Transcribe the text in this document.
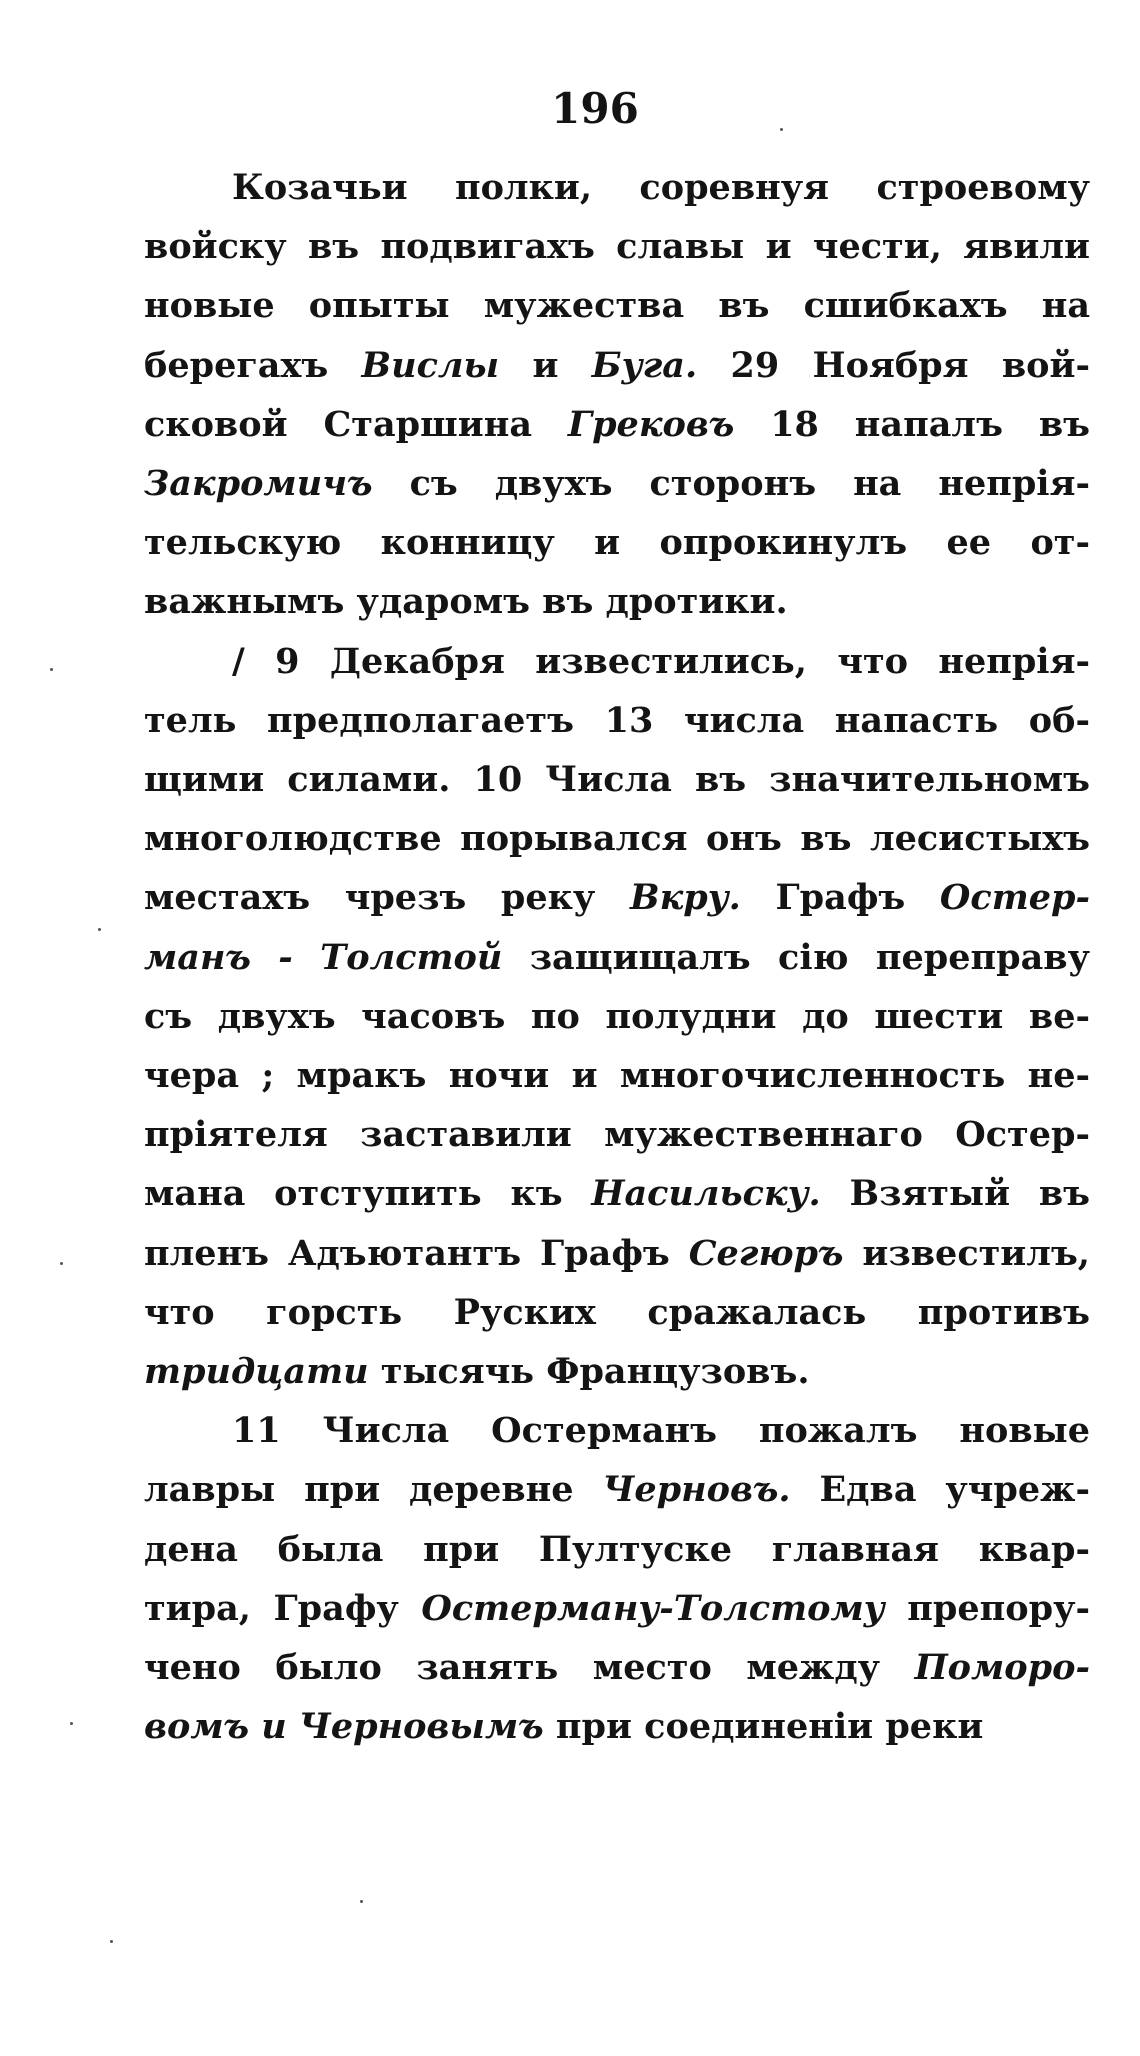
196
Козачьи полки, соревнуя строевому
войску въ подвигахъ славы и чести, явили
новые опыты мужества въ сшибкахъ на
берегахъ Вислы и Буга. 29 Ноября вой-
сковой Старшина Грековъ 18 напалъ въ
Закромичъ съ двухъ сторонъ на непрія-
тельскую конницу и опрокинулъ ее от-
важнымъ ударомъ въ дротики.
/ 9 Декабря известились, что непрія-
тель предполагаетъ 13 числа напасть об-
щими силами. 10 Числа въ значительномъ
многолюдстве порывался онъ въ лесистыхъ
местахъ чрезъ реку Вкру. Графъ Остер-
манъ - Толстой защищалъ сію переправу
съ двухъ часовъ по полудни до шести ве-
чера ; мракъ ночи и многочисленность не-
пріятеля заставили мужественнаго Остер-
мана отступить къ Насильску. Взятый въ
пленъ Адъютантъ Графъ Сегюръ известилъ,
что горсть Руских сражалась противъ
тридцати тысячь Французовъ.
11 Числа Остерманъ пожалъ новые
лавры при деревне Черновъ. Едва учреж-
дена была при Пултуске главная квар-
тира, Графу Остерману-Толстому препору-
чено было занять место между Поморо-
вомъ и Черновымъ при соединеніи реки
